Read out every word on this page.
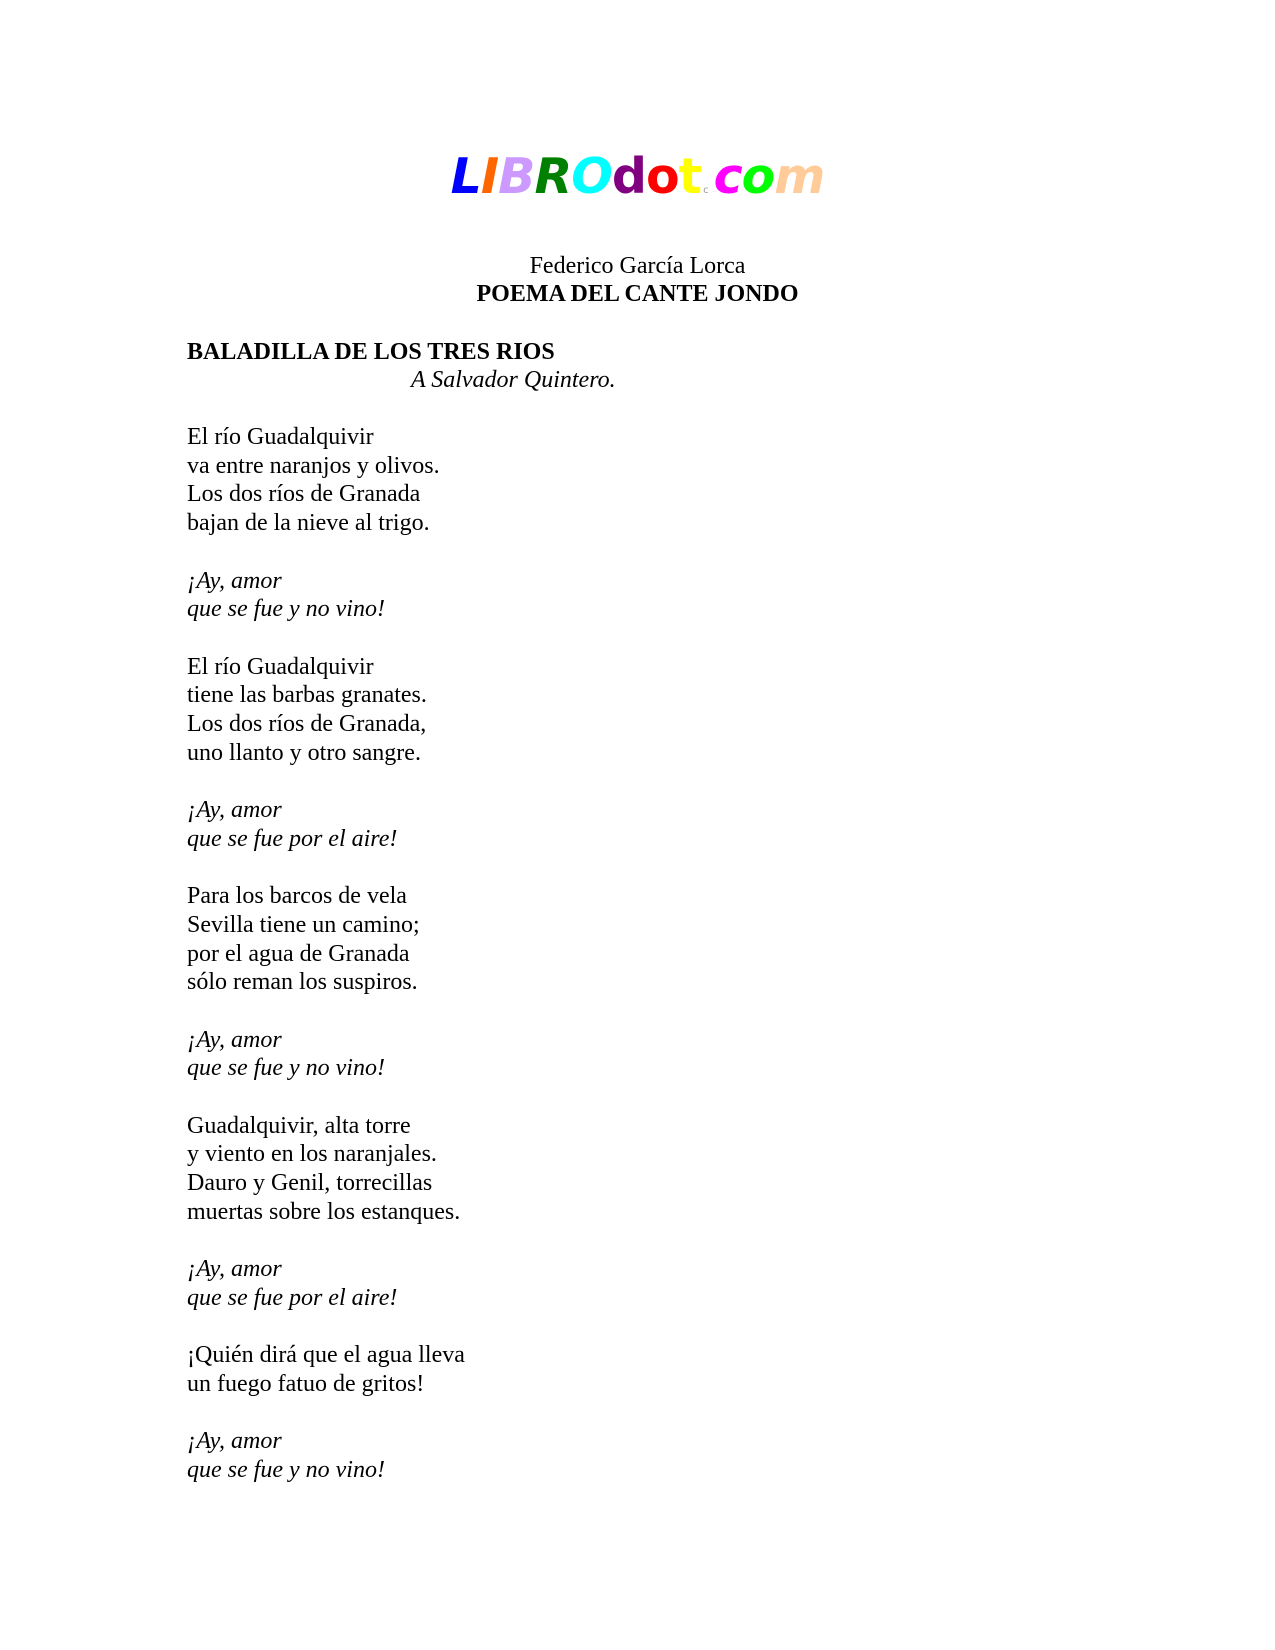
LIBROdot c com
Federico García Lorca
POEMA DEL CANTE JONDO
BALADILLA DE LOS TRES RIOS
A Salvador Quintero.
El río Guadalquivir
va entre naranjos y olivos.
Los dos ríos de Granada
bajan de la nieve al trigo.
¡Ay, amor
que se fue y no vino!
El río Guadalquivir
tiene las barbas granates.
Los dos ríos de Granada,
uno llanto y otro sangre.
¡Ay, amor
que se fue por el aire!
Para los barcos de vela
Sevilla tiene un camino;
por el agua de Granada
sólo reman los suspiros.
¡Ay, amor
que se fue y no vino!
Guadalquivir, alta torre
y viento en los naranjales.
Dauro y Genil, torrecillas
muertas sobre los estanques.
¡Ay, amor
que se fue por el aire!
¡Quién dirá que el agua lleva
un fuego fatuo de gritos!
¡Ay, amor
que se fue y no vino!
